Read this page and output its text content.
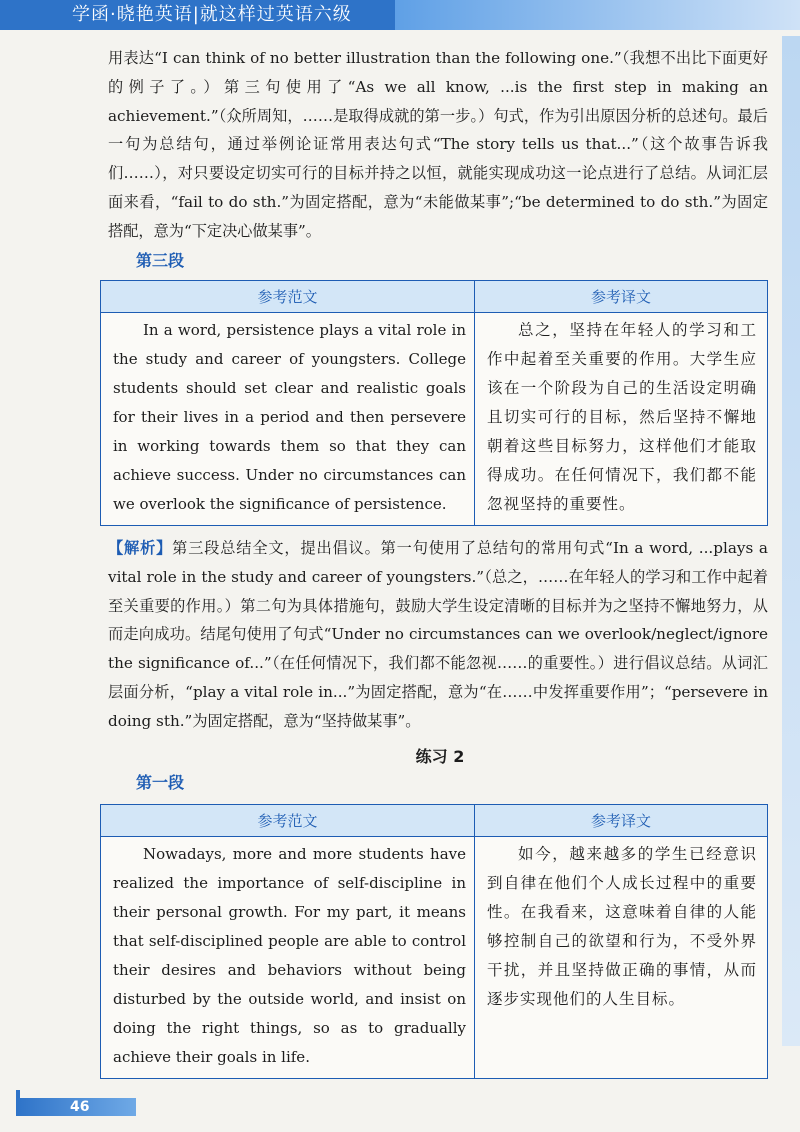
学函·晓艳英语|就这样过英语六级
用表达“I can think of no better illustration than the following one.”（我想不出比下面更好的例子了。）第三句使用了“As we all know, ...is the first step in making an achievement.”（众所周知，……是取得成就的第一步。）句式，作为引出原因分析的总述句。最后一句为总结句，通过举例论证常用表达句式“The story tells us that...”（这个故事告诉我们……），对只要设定切实可行的目标并持之以恒，就能实现成功这一论点进行了总结。从词汇层面来看，“fail to do sth.”为固定搭配，意为“未能做某事”;“be determined to do sth.”为固定搭配，意为“下定决心做某事”。
第三段
参考范文	参考译文
In a word, persistence plays a vital role in the study and career of youngsters. College students should set clear and realistic goals for their lives in a period and then persevere in working towards them so that they can achieve success. Under no circumstances can we overlook the significance of persistence.
总之，坚持在年轻人的学习和工作中起着至关重要的作用。大学生应该在一个阶段为自己的生活设定明确且切实可行的目标，然后坚持不懈地朝着这些目标努力，这样他们才能取得成功。在任何情况下，我们都不能忽视坚持的重要性。
【解析】第三段总结全文，提出倡议。第一句使用了总结句的常用句式“In a word, ...plays a vital role in the study and career of youngsters.”（总之，……在年轻人的学习和工作中起着至关重要的作用。）第二句为具体措施句，鼓励大学生设定清晰的目标并为之坚持不懈地努力，从而走向成功。结尾句使用了句式“Under no circumstances can we overlook/neglect/ignore the significance of...”（在任何情况下，我们都不能忽视……的重要性。）进行倡议总结。从词汇层面分析，“play a vital role in...”为固定搭配，意为“在……中发挥重要作用”；“persevere in doing sth.”为固定搭配，意为“坚持做某事”。
练习 2
第一段
参考范文	参考译文
Nowadays, more and more students have realized the importance of self-discipline in their personal growth. For my part, it means that self-disciplined people are able to control their desires and behaviors without being disturbed by the outside world, and insist on doing the right things, so as to gradually achieve their goals in life.
如今，越来越多的学生已经意识到自律在他们个人成长过程中的重要性。在我看来，这意味着自律的人能够控制自己的欲望和行为，不受外界干扰，并且坚持做正确的事情，从而逐步实现他们的人生目标。
46
